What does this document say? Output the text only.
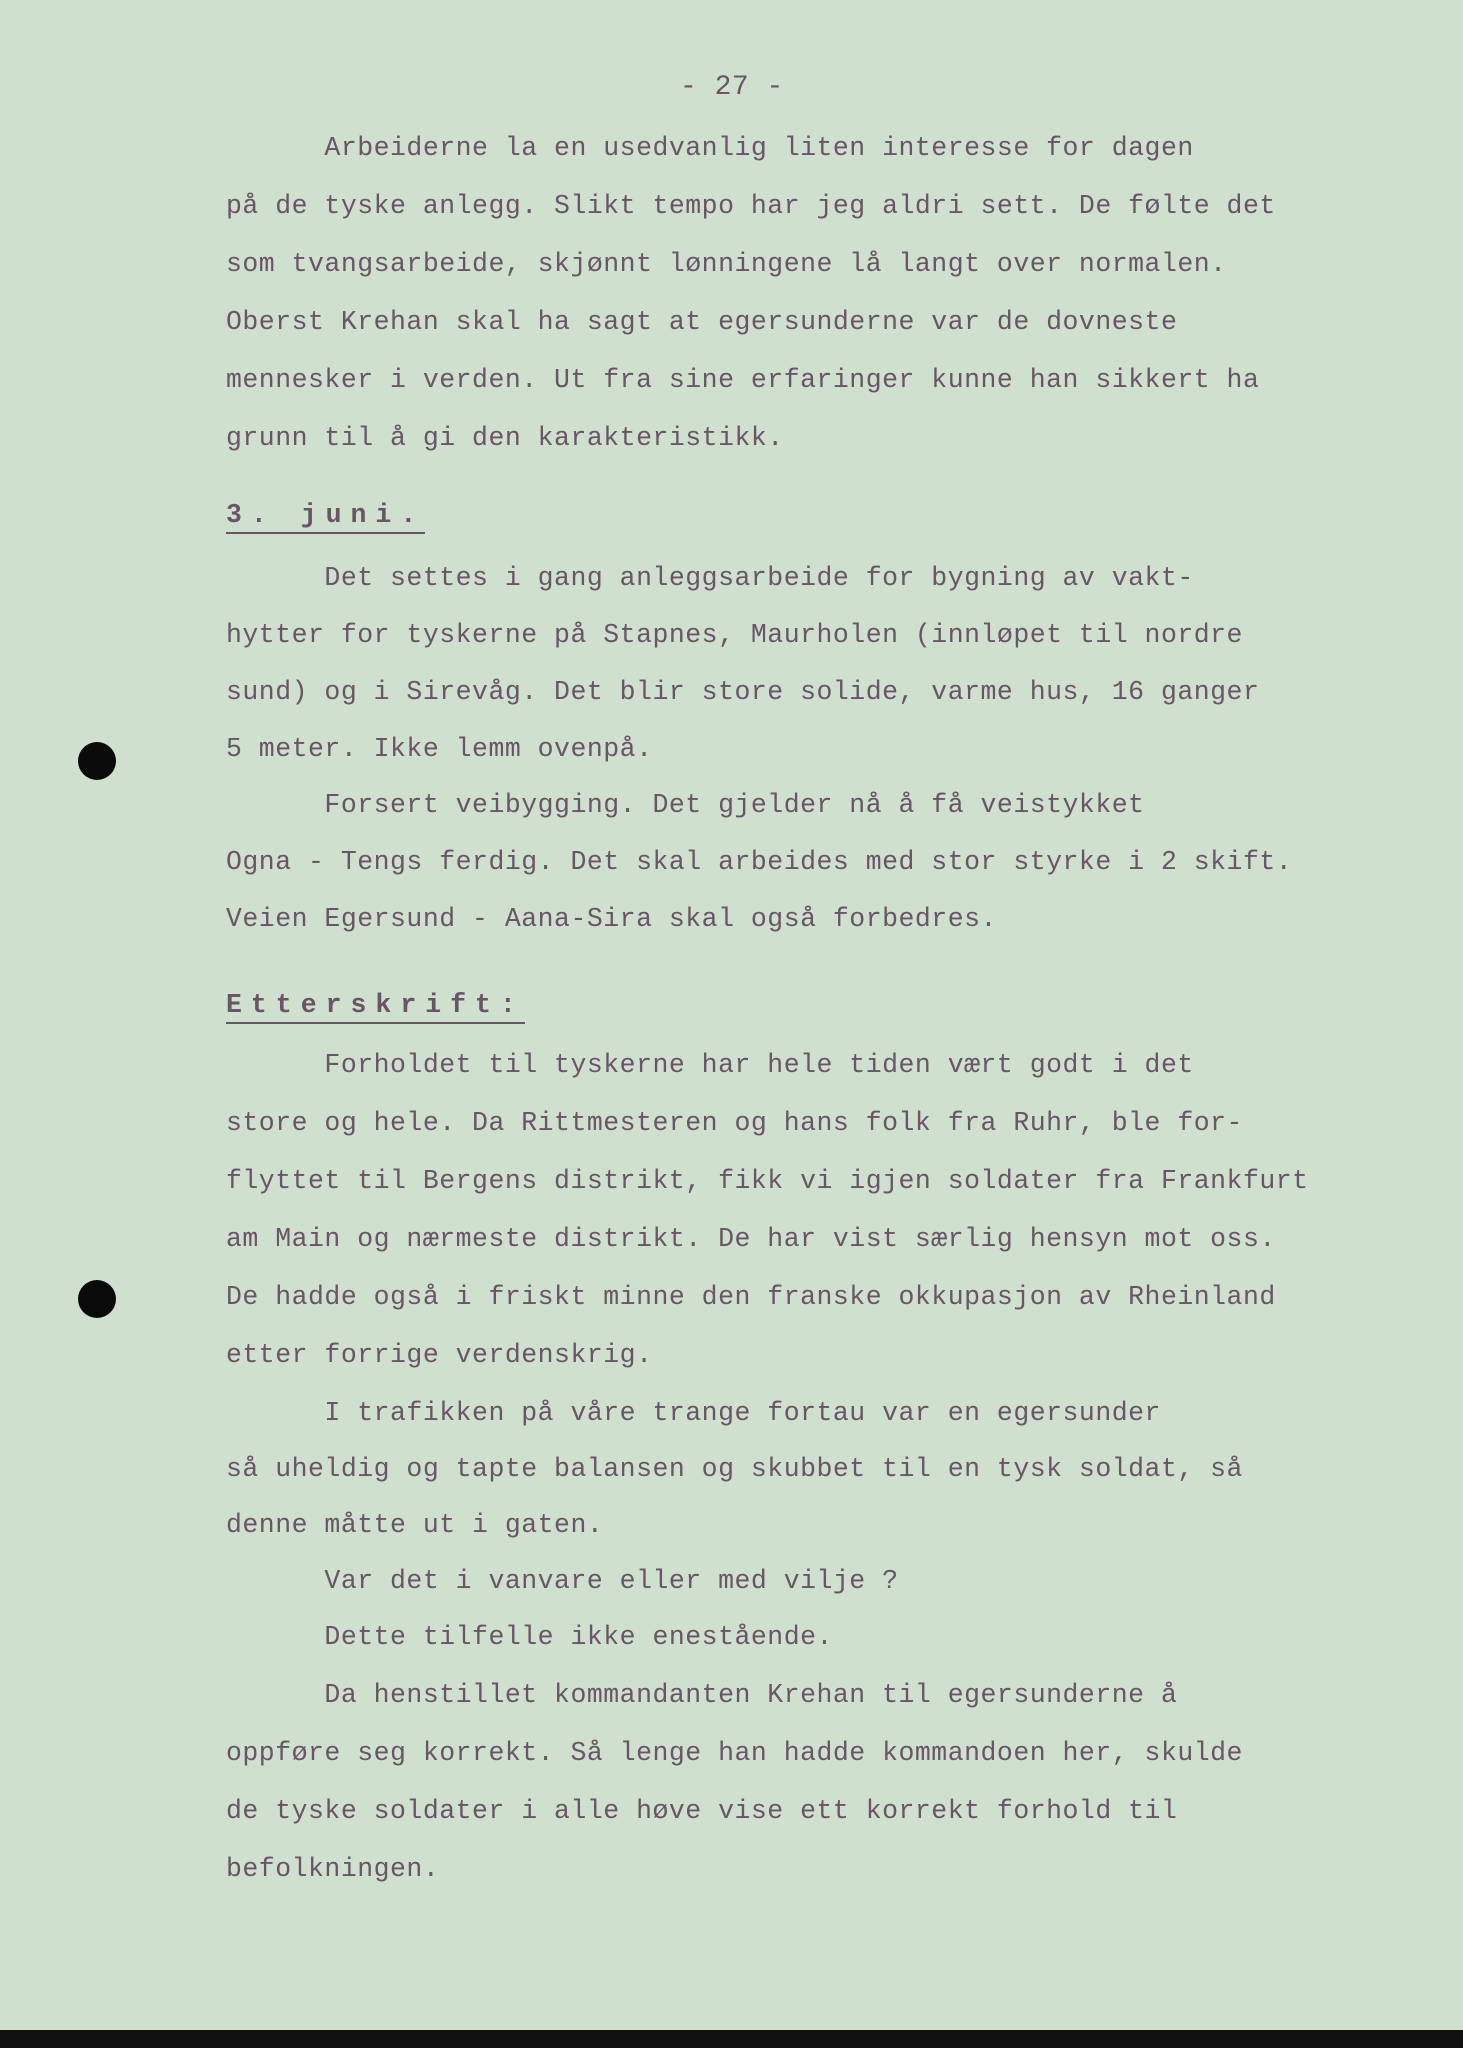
- 27 -

Arbeiderne la en usedvanlig liten interesse for dagen

på de tyske anlegg. Slikt tempo har jeg aldri sett. De følte det

som tvangsarbeide, skjønnt lønningene lå langt over normalen.

Oberst Krehan skal ha sagt at egersunderne var de dovneste

mennesker i verden. Ut fra sine erfaringer kunne han sikkert ha

grunn til å gi den karakteristikk.

3. juni.

Det settes i gang anleggsarbeide for bygning av vakt-

hytter for tyskerne på Stapnes, Maurholen (innløpet til nordre

sund) og i Sirevåg. Det blir store solide, varme hus, 16 ganger

5 meter. Ikke lemm ovenpå.

Forsert veibygging. Det gjelder nå å få veistykket

Ogna - Tengs ferdig. Det skal arbeides med stor styrke i 2 skift.

Veien Egersund - Aana-Sira skal også forbedres.

Etterskrift:

Forholdet til tyskerne har hele tiden vært godt i det

store og hele. Da Rittmesteren og hans folk fra Ruhr, ble for-

flyttet til Bergens distrikt, fikk vi igjen soldater fra Frankfurt

am Main og nærmeste distrikt. De har vist særlig hensyn mot oss.

De hadde også i friskt minne den franske okkupasjon av Rheinland

etter forrige verdenskrig.

I trafikken på våre trange fortau var en egersunder

så uheldig og tapte balansen og skubbet til en tysk soldat, så

denne måtte ut i gaten.

Var det i vanvare eller med vilje ?

Dette tilfelle ikke enestående.

Da henstillet kommandanten Krehan til egersunderne å

oppføre seg korrekt. Så lenge han hadde kommandoen her, skulde

de tyske soldater i alle høve vise ett korrekt forhold til

befolkningen.
